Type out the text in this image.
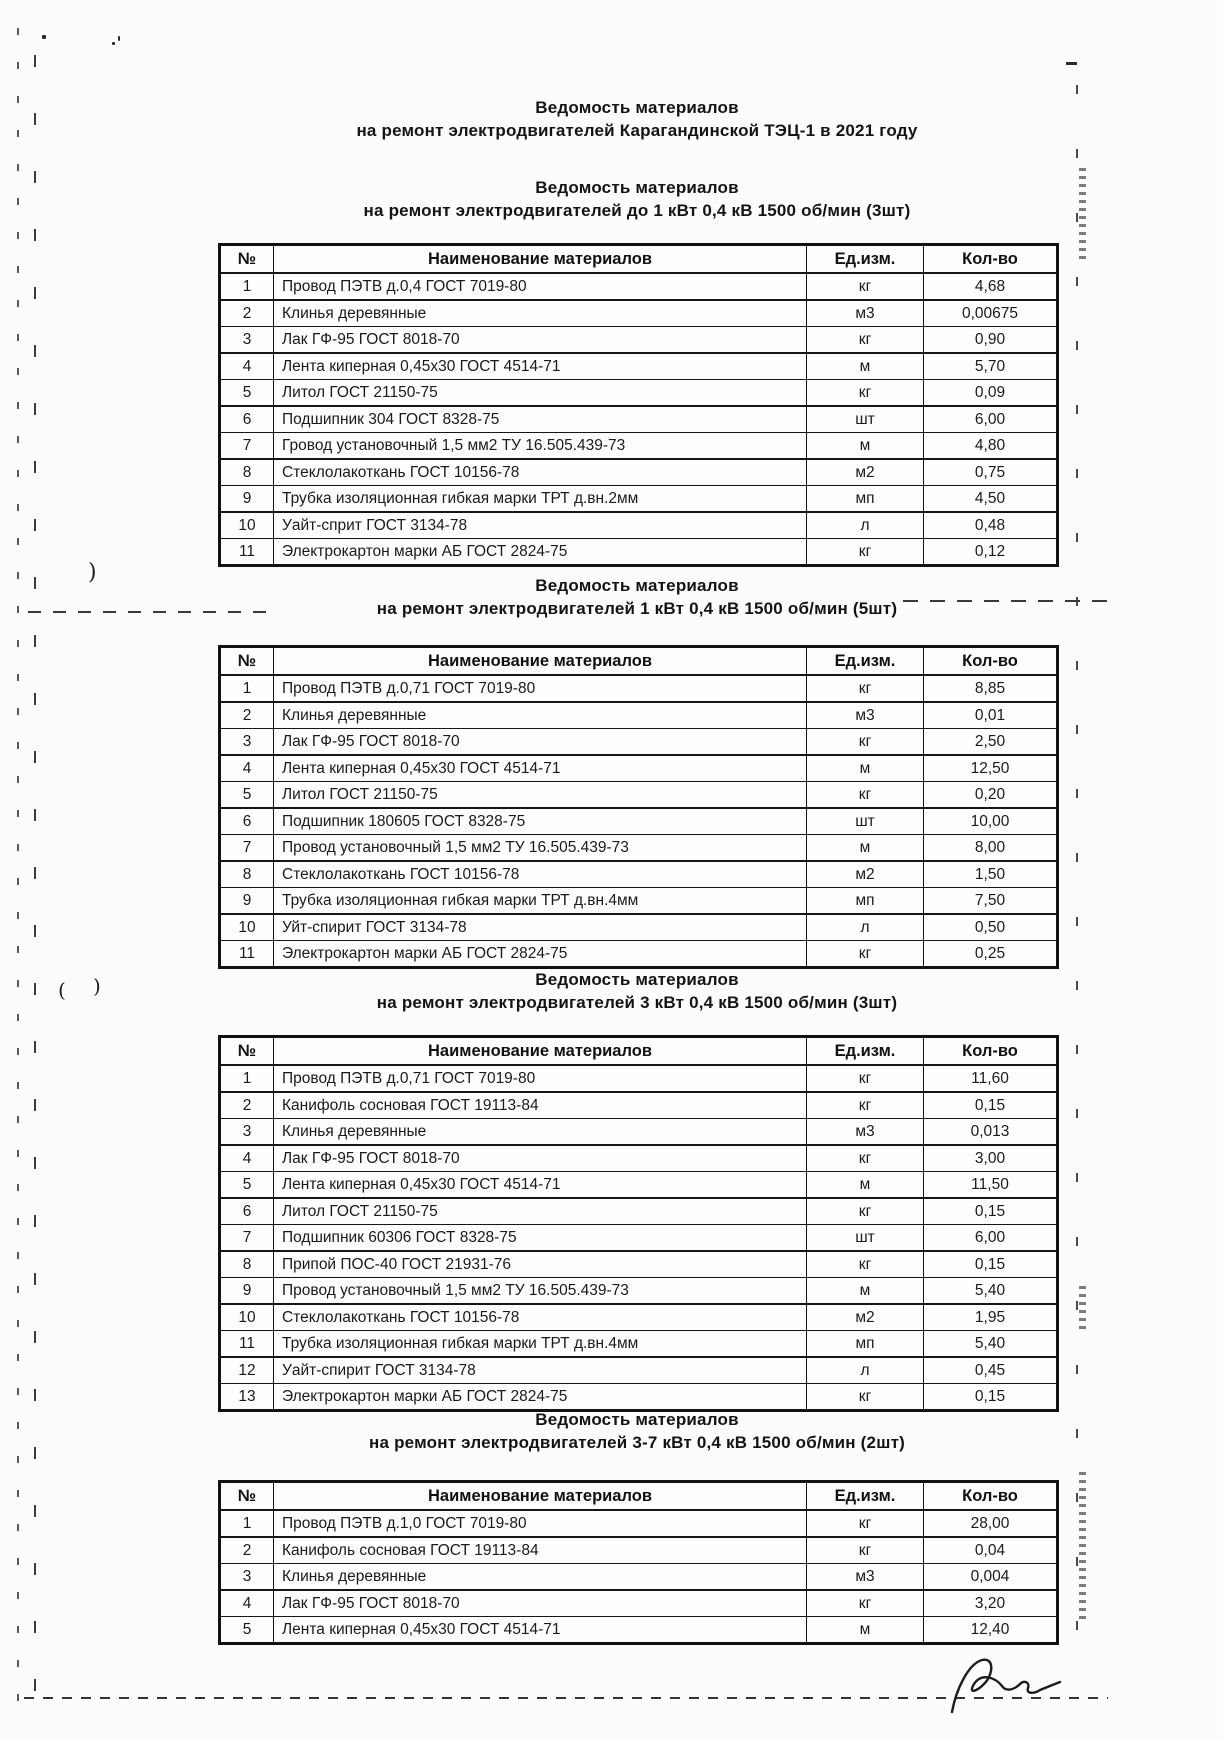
Ведомость материалов
на ремонт электродвигателей Карагандинской ТЭЦ-1 в 2021 году
Ведомость материалов
на ремонт электродвигателей до 1 кВт 0,4 кВ 1500 об/мин (3шт)
№	Наименование материалов	Ед.изм.	Кол-во
1	Провод ПЭТВ д.0,4 ГОСТ 7019-80	кг	4,68
2	Клинья деревянные	м3	0,00675
3	Лак ГФ-95 ГОСТ 8018-70	кг	0,90
4	Лента киперная 0,45х30 ГОСТ 4514-71	м	5,70
5	Литол ГОСТ 21150-75	кг	0,09
6	Подшипник 304 ГОСТ 8328-75	шт	6,00
7	Гровод установочный 1,5 мм2 ТУ 16.505.439-73	м	4,80
8	Стеклолакоткань ГОСТ 10156-78	м2	0,75
9	Трубка изоляционная гибкая марки ТРТ д.вн.2мм	мп	4,50
10	Уайт-сприт ГОСТ 3134-78	л	0,48
11	Электрокартон марки АБ ГОСТ 2824-75	кг	0,12
Ведомость материалов
на ремонт электродвигателей 1 кВт 0,4 кВ 1500 об/мин (5шт)
№	Наименование материалов	Ед.изм.	Кол-во
1	Провод ПЭТВ д.0,71 ГОСТ 7019-80	кг	8,85
2	Клинья деревянные	м3	0,01
3	Лак ГФ-95 ГОСТ 8018-70	кг	2,50
4	Лента киперная 0,45х30 ГОСТ 4514-71	м	12,50
5	Литол ГОСТ 21150-75	кг	0,20
6	Подшипник 180605 ГОСТ 8328-75	шт	10,00
7	Провод установочный 1,5 мм2 ТУ 16.505.439-73	м	8,00
8	Стеклолакоткань ГОСТ 10156-78	м2	1,50
9	Трубка изоляционная гибкая марки ТРТ д.вн.4мм	мп	7,50
10	Уйт-спирит ГОСТ 3134-78	л	0,50
11	Электрокартон марки АБ ГОСТ 2824-75	кг	0,25
Ведомость материалов
на ремонт электродвигателей 3 кВт 0,4 кВ 1500 об/мин (3шт)
№	Наименование материалов	Ед.изм.	Кол-во
1	Провод ПЭТВ д.0,71 ГОСТ 7019-80	кг	11,60
2	Канифоль сосновая ГОСТ 19113-84	кг	0,15
3	Клинья деревянные	м3	0,013
4	Лак ГФ-95 ГОСТ 8018-70	кг	3,00
5	Лента киперная 0,45х30 ГОСТ 4514-71	м	11,50
6	Литол ГОСТ 21150-75	кг	0,15
7	Подшипник 60306 ГОСТ 8328-75	шт	6,00
8	Припой ПОС-40 ГОСТ 21931-76	кг	0,15
9	Провод установочный 1,5 мм2 ТУ 16.505.439-73	м	5,40
10	Стеклолакоткань ГОСТ 10156-78	м2	1,95
11	Трубка изоляционная гибкая марки ТРТ д.вн.4мм	мп	5,40
12	Уайт-спирит ГОСТ 3134-78	л	0,45
13	Электрокартон марки АБ ГОСТ 2824-75	кг	0,15
Ведомость материалов
на ремонт электродвигателей 3-7 кВт 0,4 кВ 1500 об/мин (2шт)
№	Наименование материалов	Ед.изм.	Кол-во
1	Провод ПЭТВ д.1,0 ГОСТ 7019-80	кг	28,00
2	Канифоль сосновая ГОСТ 19113-84	кг	0,04
3	Клинья деревянные	м3	0,004
4	Лак ГФ-95 ГОСТ 8018-70	кг	3,20
5	Лента киперная 0,45х30 ГОСТ 4514-71	м	12,40
)
( )
